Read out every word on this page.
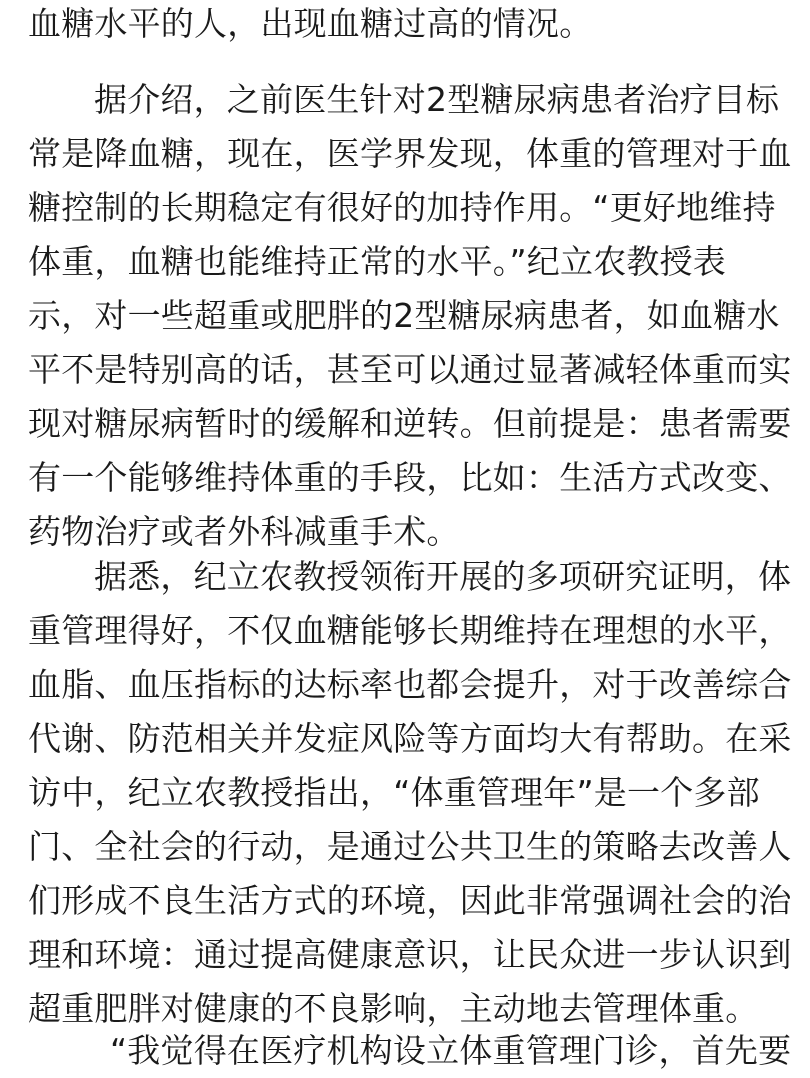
血糖水平的人，出现血糖过高的情况。
据介绍，之前医生针对2型糖尿病患者治疗目标
常是降血糖，现在，医学界发现，体重的管理对于血
糖控制的长期稳定有很好的加持作用。“更好地维持
体重，血糖也能维持正常的水平。”纪立农教授表
示，对一些超重或肥胖的2型糖尿病患者，如血糖水
平不是特别高的话，甚至可以通过显著减轻体重而实
现对糖尿病暂时的缓解和逆转。但前提是：患者需要
有一个能够维持体重的手段，比如：生活方式改变、
药物治疗或者外科减重手术。
据悉，纪立农教授领衔开展的多项研究证明，体
重管理得好，不仅血糖能够长期维持在理想的水平，
血脂、血压指标的达标率也都会提升，对于改善综合
代谢、防范相关并发症风险等方面均大有帮助。在采
访中，纪立农教授指出，“体重管理年”是一个多部
门、全社会的行动，是通过公共卫生的策略去改善人
们形成不良生活方式的环境，因此非常强调社会的治
理和环境：通过提高健康意识，让民众进一步认识到
超重肥胖对健康的不良影响，主动地去管理体重。
“我觉得在医疗机构设立体重管理门诊，首先要
